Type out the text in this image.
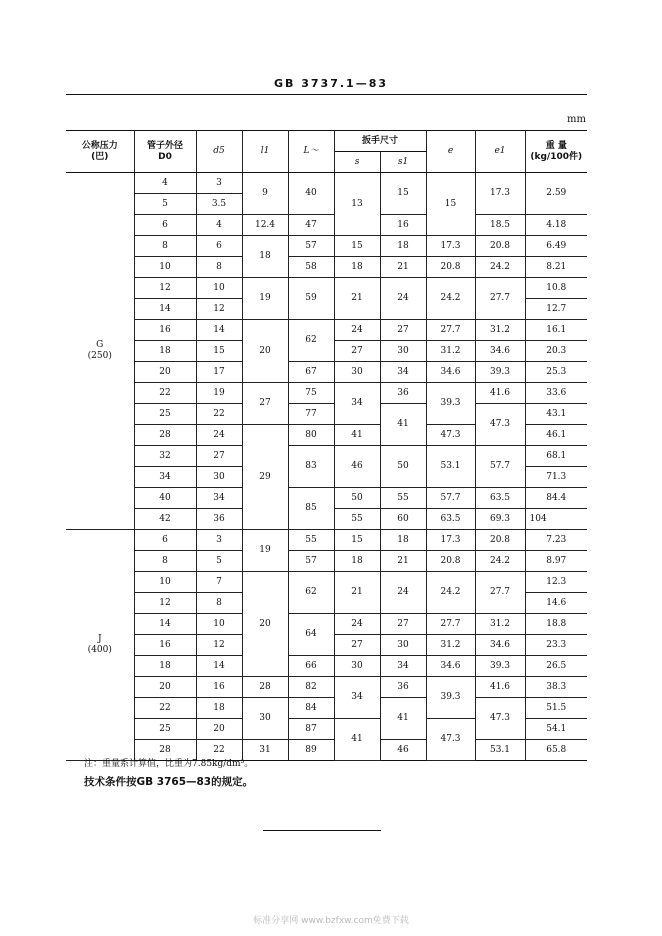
GB 3737.1—83
mm
公称压力
(巴)	管子外径
D0	d5	l1	L～	扳手尺寸		e	e1	重 量
(kg/100件)
					s	s1			
G
(250)	4	3	9	40	13	15	15	17.3	2.59
	5	3.5							
	6	4	12.4	47		16		18.5	4.18
	8	6	18	57	15	18	17.3	20.8	6.49
	10	8		58	18	21	20.8	24.2	8.21
	12	10	19	59	21	24	24.2	27.7	10.8
	14	12							12.7
	16	14	20	62	24	27	27.7	31.2	16.1
	18	15			27	30	31.2	34.6	20.3
	20	17		67	30	34	34.6	39.3	25.3
	22	19	27	75	34	36	39.3	41.6	33.6
	25	22		77		41		47.3	43.1
	28	24	29	80	41		47.3		46.1
	32	27		83	46	50	53.1	57.7	68.1
	34	30							71.3
	40	34		85	50	55	57.7	63.5	84.4
	42	36			55	60	63.5	69.3	104
J
(400)	6	3	19	55	15	18	17.3	20.8	7.23
	8	5		57	18	21	20.8	24.2	8.97
	10	7	20	62	21	24	24.2	27.7	12.3
	12	8							14.6
	14	10		64	24	27	27.7	31.2	18.8
	16	12			27	30	31.2	34.6	23.3
	18	14		66	30	34	34.6	39.3	26.5
	20	16	28	82	34	36	39.3	41.6	38.3
	22	18	30	84		41		47.3	51.5
	25	20		87	41		47.3		54.1
	28	22	31	89		46		53.1	65.8
注：重量系计算值，比重为7.85kg/dm³。
技术条件按GB 3765—83的规定。
标准分享网 www.bzfxw.com免费下载
